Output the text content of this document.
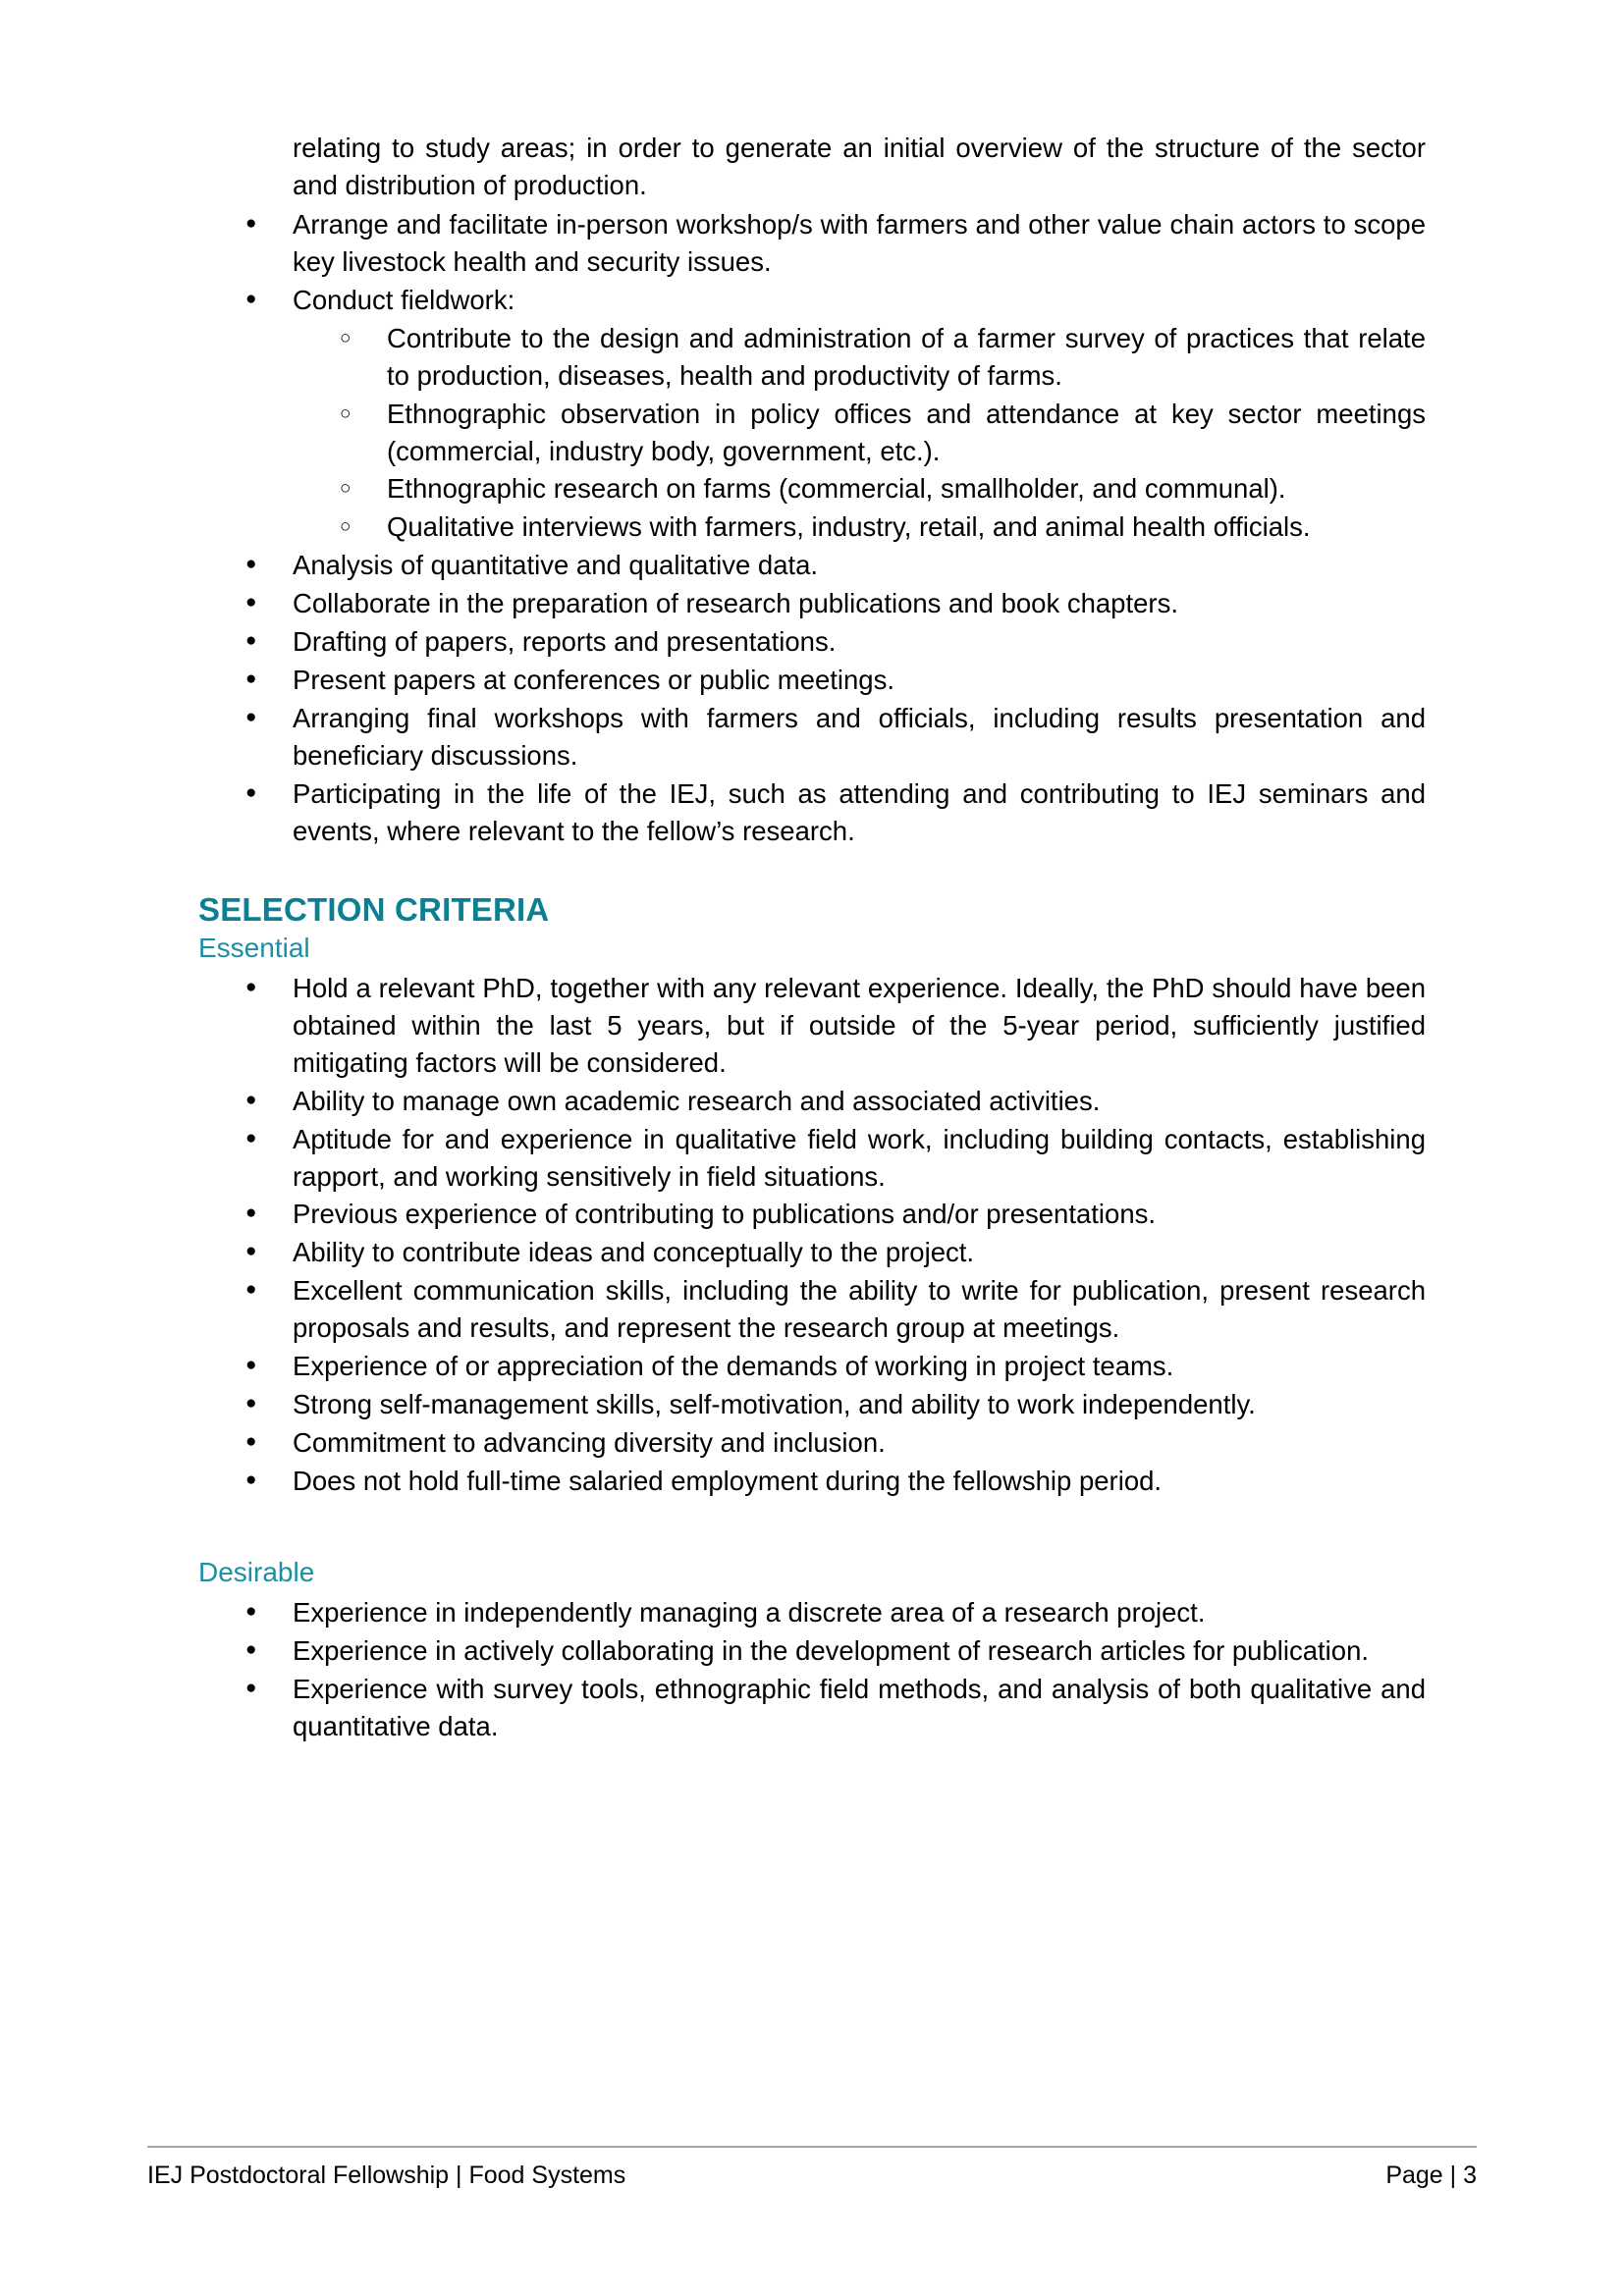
relating to study areas; in order to generate an initial overview of the structure of the sector and distribution of production.

● Arrange and facilitate in-person workshop/s with farmers and other value chain actors to scope key livestock health and security issues.
● Conduct fieldwork:
○ Contribute to the design and administration of a farmer survey of practices that relate to production, diseases, health and productivity of farms.
○ Ethnographic observation in policy offices and attendance at key sector meetings (commercial, industry body, government, etc.).
○ Ethnographic research on farms (commercial, smallholder, and communal).
○ Qualitative interviews with farmers, industry, retail, and animal health officials.
● Analysis of quantitative and qualitative data.
● Collaborate in the preparation of research publications and book chapters.
● Drafting of papers, reports and presentations.
● Present papers at conferences or public meetings.
● Arranging final workshops with farmers and officials, including results presentation and beneficiary discussions.
● Participating in the life of the IEJ, such as attending and contributing to IEJ seminars and events, where relevant to the fellow’s research.
SELECTION CRITERIA
Essential
● Hold a relevant PhD, together with any relevant experience. Ideally, the PhD should have been obtained within the last 5 years, but if outside of the 5-year period, sufficiently justified mitigating factors will be considered.
● Ability to manage own academic research and associated activities.
● Aptitude for and experience in qualitative field work, including building contacts, establishing rapport, and working sensitively in field situations.
● Previous experience of contributing to publications and/or presentations.
● Ability to contribute ideas and conceptually to the project.
● Excellent communication skills, including the ability to write for publication, present research proposals and results, and represent the research group at meetings.
● Experience of or appreciation of the demands of working in project teams.
● Strong self-management skills, self-motivation, and ability to work independently.
● Commitment to advancing diversity and inclusion.
● Does not hold full-time salaried employment during the fellowship period.
Desirable
● Experience in independently managing a discrete area of a research project.
● Experience in actively collaborating in the development of research articles for publication.
● Experience with survey tools, ethnographic field methods, and analysis of both qualitative and quantitative data.
IEJ Postdoctoral Fellowship | Food Systems	Page | 3
